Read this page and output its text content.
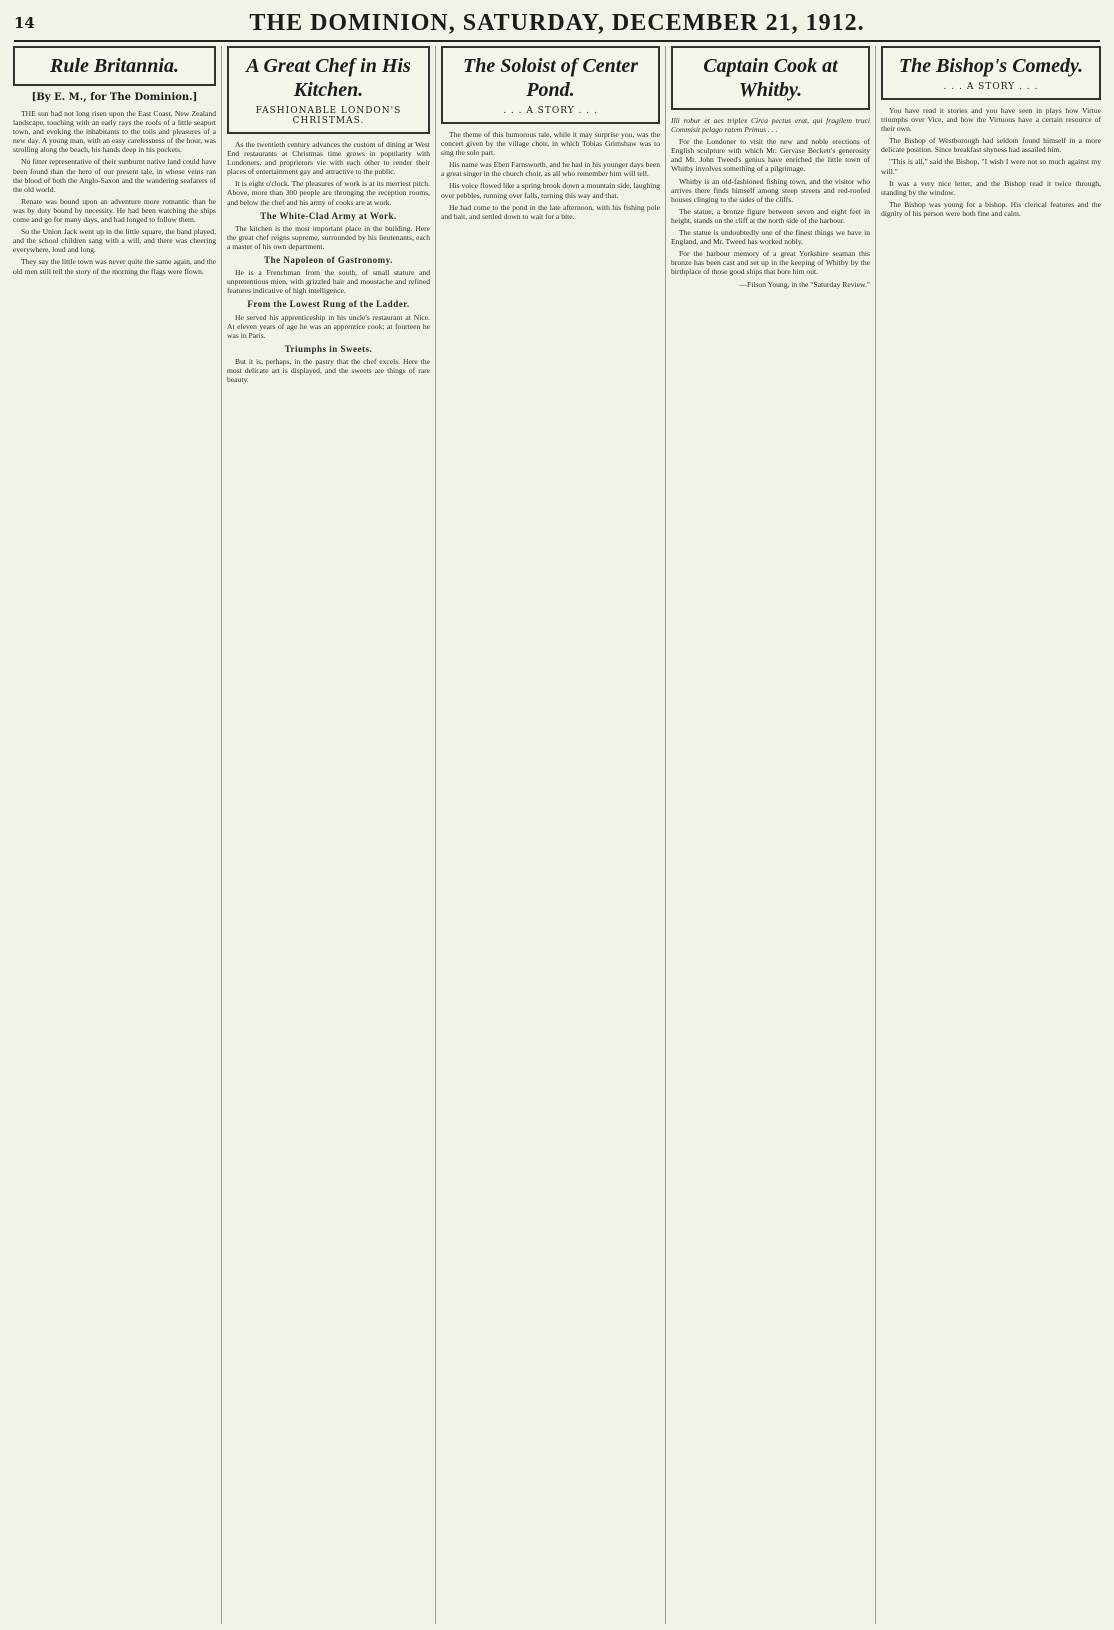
14	THE DOMINION, SATURDAY, DECEMBER 21, 1912.
Rule Britannia.
[By E. M., for The Dominion.]

THE sun had not long risen upon the East Coast, New Zealand landscape, touching with an early rays the roofs of a little seaport town, and evoking the inhabitants to the toils and pleasures of a new day. A young man, with an easy carelessness of the hour, was strolling along the beach, his hands deep in his pockets.

No fitter representative of their sunburnt native land could have been found than the hero of our present tale, in whose veins ran the blood of both the Anglo-Saxon and the wandering seafarers of the old world.

Renate was bound upon an adventure more romantic than he was by duty bound by necessity. He had been watching the ships come and go for many days, and had longed to follow them.

So the Union Jack went up in the little square, the band played, and the school children sang with a will, and there was cheering everywhere, loud and long.

They say the little town was never quite the same again, and the old men still tell the story of the morning the flags were flown.

A Great Chef in His Kitchen.
FASHIONABLE LONDON'S CHRISTMAS.

As the twentieth century advances the custom of dining at West End restaurants at Christmas time grows in popularity with Londoners, and proprietors vie with each other to render their places of entertainment gay and attractive to the public.

It is eight o'clock. The pleasures of work is at its merriest pitch. Above, more than 300 people are thronging the reception rooms, and below the chef and his army of cooks are at work.

The White-Clad Army at Work.

The kitchen is the most important place in the building. Here the great chef reigns supreme, surrounded by his lieutenants, each a master of his own department.

The Napoleon of Gastronomy.

He is a Frenchman from the south, of small stature and unpretentious mien, with grizzled hair and moustache and refined features indicative of high intelligence.

From the Lowest Rung of the Ladder.

He served his apprenticeship in his uncle's restaurant at Nice. At eleven years of age he was an apprentice cook; at fourteen he was in Paris.

Triumphs in Sweets.

But it is, perhaps, in the pastry that the chef excels. Here the most delicate art is displayed, and the sweets are things of rare beauty.

The Soloist of Center Pond.
. . . A STORY . . .

The theme of this humorous tale, while it may surprise you, was the concert given by the village choir, in which Tobias Grimshaw was to sing the solo part.

His name was Eben Farnsworth, and he had in his younger days been a great singer in the church choir, as all who remember him will tell.

His voice flowed like a spring brook down a mountain side, laughing over pebbles, running over falls, turning this way and that.

He had come to the pond in the late afternoon, with his fishing pole and bait, and settled down to wait for a bite.

Captain Cook at Whitby.

Illi robur et aes triplex Circa pectus erat, qui fragilem truci Commisit pelago ratem Primus . . .

For the Londoner to visit the new and noble erections of English sculpture with which Mr. Gervase Beckett's generosity and Mr. John Tweed's genius have enriched the little town of Whitby involves something of a pilgrimage.

Whitby is an old-fashioned fishing town, and the visitor who arrives there finds himself among steep streets and red-roofed houses clinging to the sides of the cliffs.

The statue, a bronze figure between seven and eight feet in height, stands on the cliff at the north side of the harbour.

The statue is undoubtedly one of the finest things we have in England, and Mr. Tweed has worked nobly.

For the harbour memory of a great Yorkshire seaman this bronze has been cast and set up in the keeping of Whitby by the birthplace of those good ships that bore him out.

—Filson Young, in the "Saturday Review."

The Bishop's Comedy.
. . . A STORY . . .

You have read it stories and you have seen in plays how Virtue triumphs over Vice, and how the Virtuous have a certain resource of their own.

The Bishop of Westborough had seldom found himself in a more delicate position. Since breakfast shyness had assailed him.

"This is all," said the Bishop, "I wish I were not so much against my will."

It was a very nice letter, and the Bishop read it twice through, standing by the window.

The Bishop was young for a bishop. His clerical features and the dignity of his person were both fine and calm.
